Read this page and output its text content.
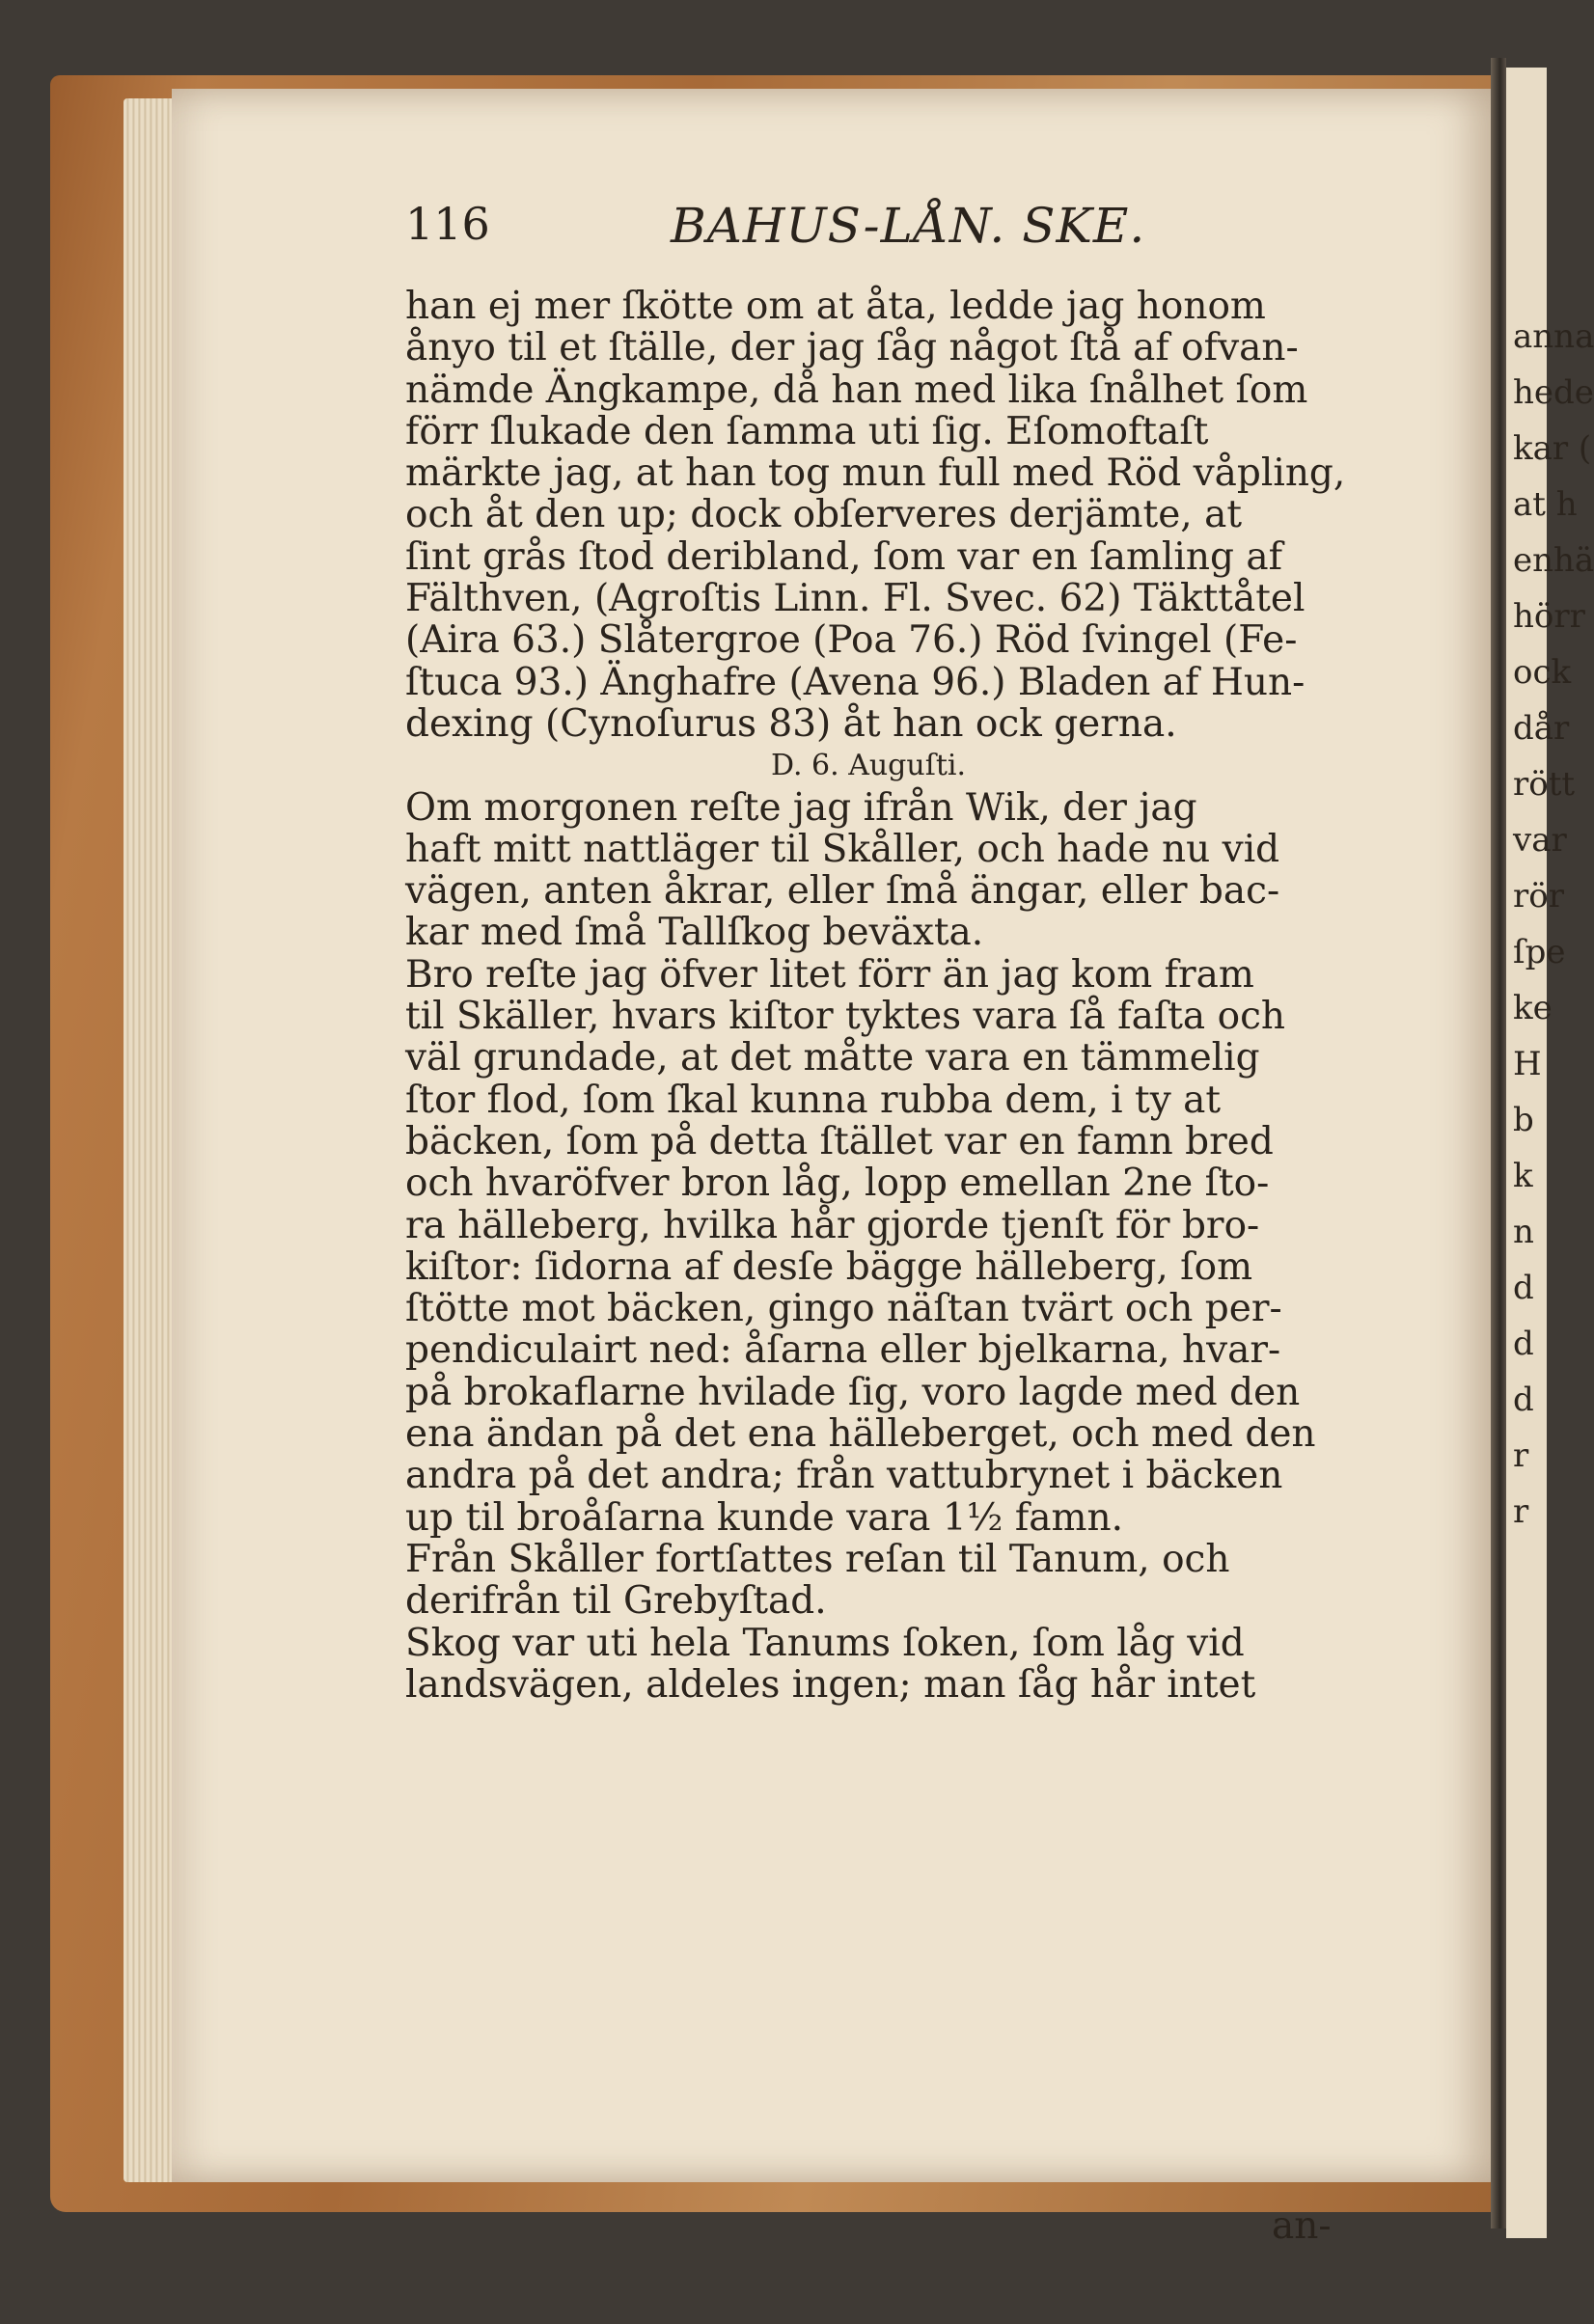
anna
hede
kar (
at h
enhä
hörr
ock
dår
rött
var
rör
ſpe
ke
H
b
k
n
d
d
d
r
r
116	BAHUS-LÅN. SKE.
han ej mer ſkötte om at åta, ledde jag honom
ånyo til et ſtälle, der jag ſåg något ſtå af ofvan-
nämde Ängkampe, då han med lika ſnålhet ſom
förr ſlukade den ſamma uti ſig. Eſomoftaſt
märkte jag, at han tog mun full med Röd våpling,
och åt den up; dock obſerveres derjämte, at
ſint grås ſtod deribland, ſom var en ſamling af
Fälthven, (Agroſtis Linn. Fl. Svec. 62) Täkttåtel
(Aira 63.) Slåtergroe (Poa 76.) Röd ſvingel (Fe-
ſtuca 93.) Änghafre (Avena 96.) Bladen af Hun-
dexing (Cynoſurus 83) åt han ock gerna.
D. 6. Auguſti.
Om morgonen reſte jag ifrån Wik, der jag
haft mitt nattläger til Skåller, och hade nu vid
vägen, anten åkrar, eller ſmå ängar, eller bac-
kar med ſmå Tallſkog beväxta.
Bro reſte jag öfver litet förr än jag kom fram
til Skäller, hvars kiſtor tyktes vara ſå faſta och
väl grundade, at det måtte vara en tämmelig
ſtor flod, ſom ſkal kunna rubba dem, i ty at
bäcken, ſom på detta ſtället var en famn bred
och hvaröfver bron låg, lopp emellan 2ne ſto-
ra hälleberg, hvilka hår gjorde tjenſt för bro-
kiſtor: ſidorna af desſe bägge hälleberg, ſom
ſtötte mot bäcken, gingo näſtan tvärt och per-
pendiculairt ned: åſarna eller bjelkarna, hvar-
på brokaflarne hvilade ſig, voro lagde med den
ena ändan på det ena hälleberget, och med den
andra på det andra; från vattubrynet i bäcken
up til broåſarna kunde vara 1½ famn.
Från Skåller fortſattes reſan til Tanum, och
derifrån til Grebyſtad.
Skog var uti hela Tanums ſoken, ſom låg vid
landsvägen, aldeles ingen; man ſåg hår intet
an-
